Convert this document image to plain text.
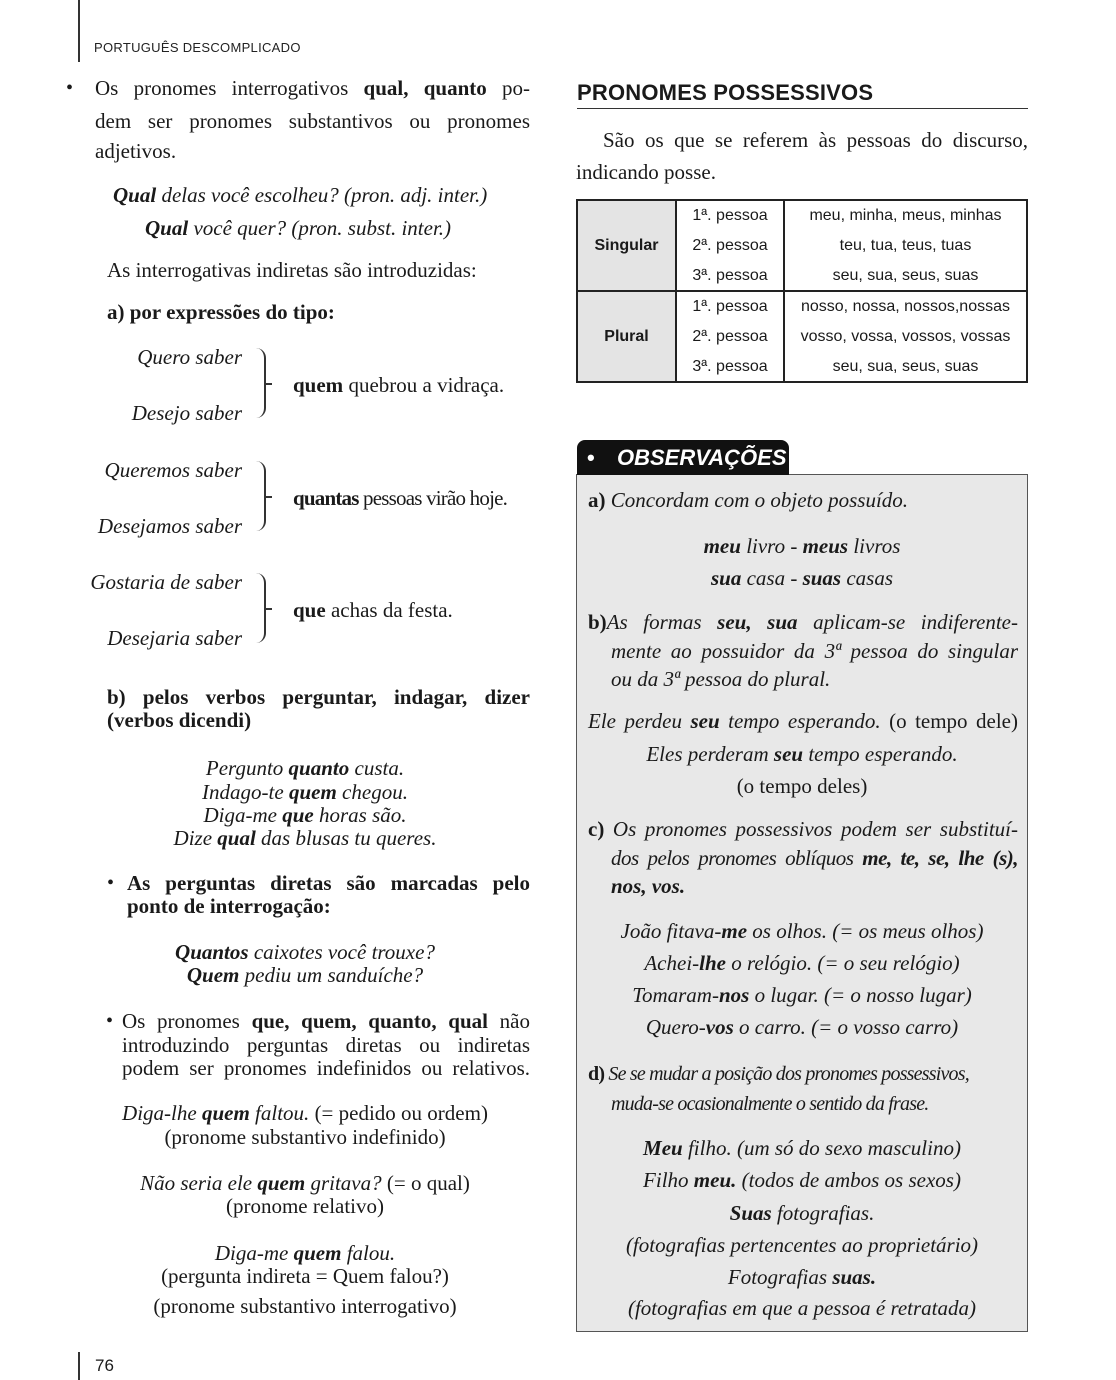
PORTUGUÊS DESCOMPLICADO
• Os pronomes interrogativos qual, quanto po-
dem ser pronomes substantivos ou pronomes
adjetivos.
Qual delas você escolheu? (pron. adj. inter.)
Qual você quer? (pron. subst. inter.)
As interrogativas indiretas são introduzidas:
a) por expressões do tipo:
Quero saber
Desejo saber
quem quebrou a vidraça.
Queremos saber
Desejamos saber
quantas pessoas virão hoje.
Gostaria de saber
Desejaria saber
que achas da festa.
b) pelos verbos perguntar, indagar, dizer
(verbos dicendi)
Pergunto quanto custa.
Indago-te quem chegou.
Diga-me que horas são.
Dize qual das blusas tu queres.
• As perguntas diretas são marcadas pelo
ponto de interrogação:
Quantos caixotes você trouxe?
Quem pediu um sanduíche?
• Os pronomes que, quem, quanto, qual não
introduzindo perguntas diretas ou indiretas
podem ser pronomes indefinidos ou relativos.
Diga-lhe quem faltou. (= pedido ou ordem)
(pronome substantivo indefinido)
Não seria ele quem gritava? (= o qual)
(pronome relativo)
Diga-me quem falou.
(pergunta indireta = Quem falou?)
(pronome substantivo interrogativo)
PRONOMES POSSESSIVOS
São os que se referem às pessoas do discurso,
indicando posse.
Singular	1ª. pessoa	meu, minha, meus, minhas
	2ª. pessoa	teu, tua, teus, tuas
	3ª. pessoa	seu, sua, seus, suas
Plural	1ª. pessoa	nosso, nossa, nossos,nossas
	2ª. pessoa	vosso, vossa, vossos, vossas
	3ª. pessoa	seu, sua, seus, suas
• OBSERVAÇÕES
a) Concordam com o objeto possuído.
meu livro - meus livros
sua casa - suas casas
b)As formas seu, sua aplicam-se indiferente-
mente ao possuidor da 3ª pessoa do singular
ou da 3ª pessoa do plural.
Ele perdeu seu tempo esperando. (o tempo dele)
Eles perderam seu tempo esperando.
(o tempo deles)
c) Os pronomes possessivos podem ser substituí-
dos pelos pronomes oblíquos me, te, se, lhe (s),
nos, vos.
João fitava-me os olhos. (= os meus olhos)
Achei-lhe o relógio. (= o seu relógio)
Tomaram-nos o lugar. (= o nosso lugar)
Quero-vos o carro. (= o vosso carro)
d) Se se mudar a posição dos pronomes possessivos,
muda-se ocasionalmente o sentido da frase.
Meu filho. (um só do sexo masculino)
Filho meu. (todos de ambos os sexos)
Suas fotografias.
(fotografias pertencentes ao proprietário)
Fotografias suas.
(fotografias em que a pessoa é retratada)
76
